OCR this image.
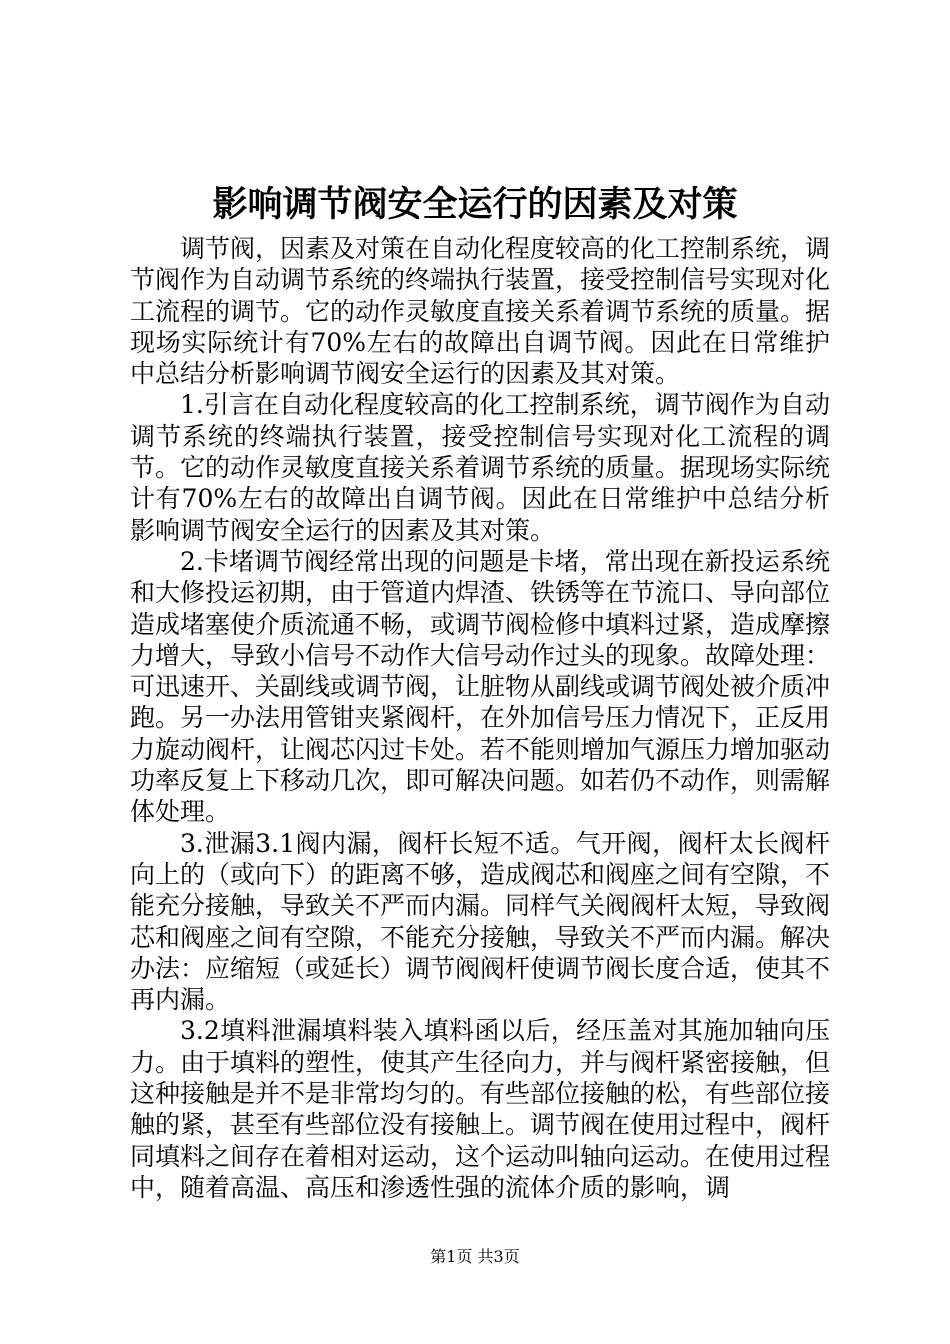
影响调节阀安全运行的因素及对策

调节阀，因素及对策在自动化程度较高的化工控制系统，调节阀作为自动调节系统的终端执行装置，接受控制信号实现对化工流程的调节。它的动作灵敏度直接关系着调节系统的质量。据现场实际统计有70%左右的故障出自调节阀。因此在日常维护中总结分析影响调节阀安全运行的因素及其对策。

1.引言在自动化程度较高的化工控制系统，调节阀作为自动调节系统的终端执行装置，接受控制信号实现对化工流程的调节。它的动作灵敏度直接关系着调节系统的质量。据现场实际统计有70%左右的故障出自调节阀。因此在日常维护中总结分析影响调节阀安全运行的因素及其对策。

2.卡堵调节阀经常出现的问题是卡堵，常出现在新投运系统和大修投运初期，由于管道内焊渣、铁锈等在节流口、导向部位造成堵塞使介质流通不畅，或调节阀检修中填料过紧，造成摩擦力增大，导致小信号不动作大信号动作过头的现象。故障处理：可迅速开、关副线或调节阀，让脏物从副线或调节阀处被介质冲跑。另一办法用管钳夹紧阀杆，在外加信号压力情况下，正反用力旋动阀杆，让阀芯闪过卡处。若不能则增加气源压力增加驱动功率反复上下移动几次，即可解决问题。如若仍不动作，则需解体处理。

3.泄漏3.1阀内漏，阀杆长短不适。气开阀，阀杆太长阀杆向上的（或向下）的距离不够，造成阀芯和阀座之间有空隙，不能充分接触，导致关不严而内漏。同样气关阀阀杆太短，导致阀芯和阀座之间有空隙，不能充分接触，导致关不严而内漏。解决办法：应缩短（或延长）调节阀阀杆使调节阀长度合适，使其不再内漏。

3.2填料泄漏填料装入填料函以后，经压盖对其施加轴向压力。由于填料的塑性，使其产生径向力，并与阀杆紧密接触，但这种接触是并不是非常均匀的。有些部位接触的松，有些部位接触的紧，甚至有些部位没有接触上。调节阀在使用过程中，阀杆同填料之间存在着相对运动，这个运动叫轴向运动。在使用过程中，随着高温、高压和渗透性强的流体介质的影响，调

第1页 共3页
